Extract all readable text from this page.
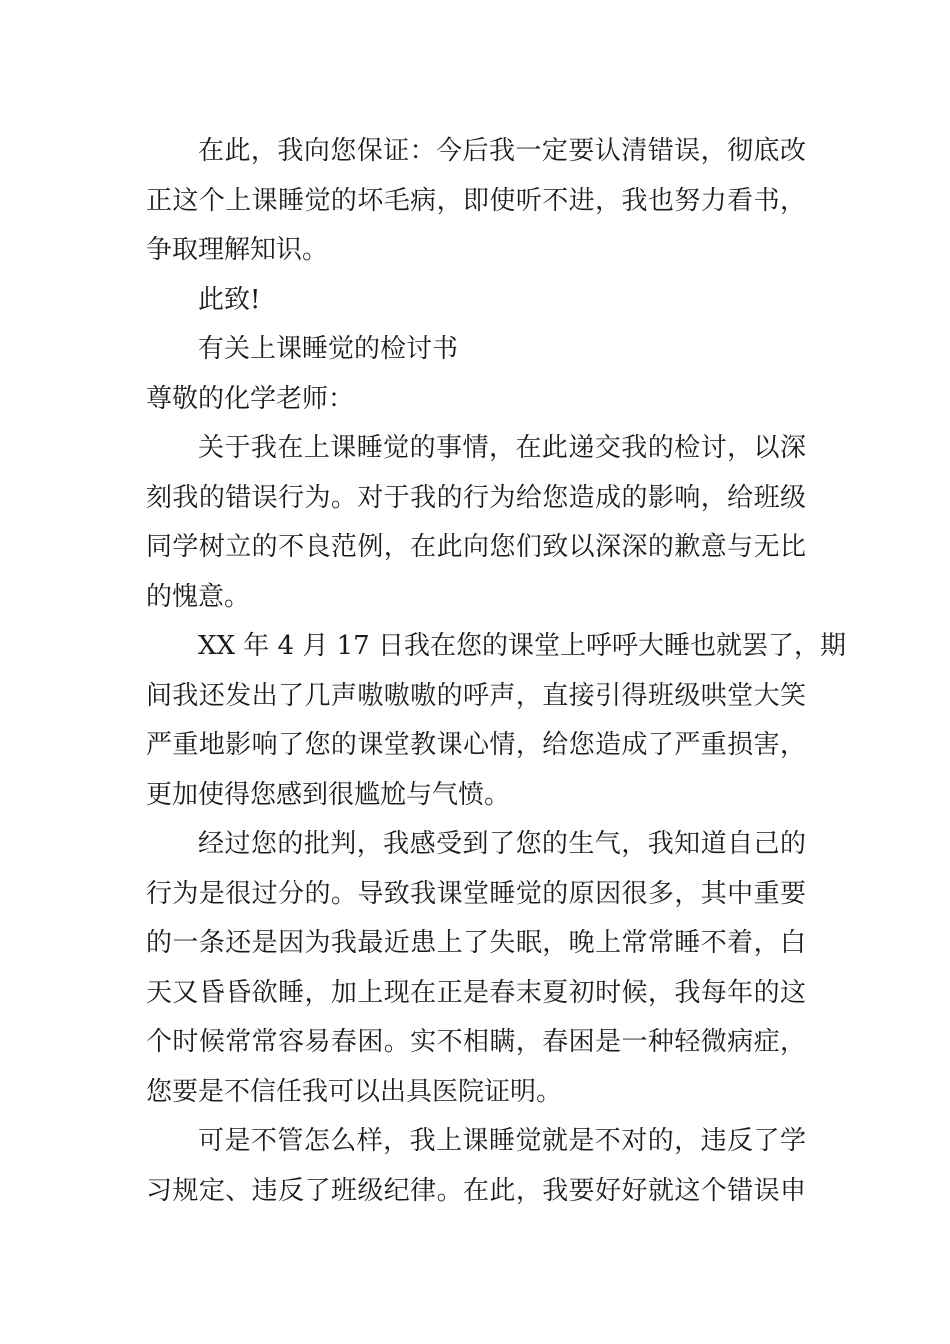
在此，我向您保证：今后我一定要认清错误，彻底改
正这个上课睡觉的坏毛病，即使听不进，我也努力看书，
争取理解知识。
此致!
有关上课睡觉的检讨书
尊敬的化学老师：
关于我在上课睡觉的事情，在此递交我的检讨，以深
刻我的错误行为。对于我的行为给您造成的影响，给班级
同学树立的不良范例，在此向您们致以深深的歉意与无比
的愧意。
XX 年 4 月 17 日我在您的课堂上呼呼大睡也就罢了，期
间我还发出了几声嗷嗷嗷的呼声，直接引得班级哄堂大笑
严重地影响了您的课堂教课心情，给您造成了严重损害，
更加使得您感到很尴尬与气愤。
经过您的批判，我感受到了您的生气，我知道自己的
行为是很过分的。导致我课堂睡觉的原因很多，其中重要
的一条还是因为我最近患上了失眠，晚上常常睡不着，白
天又昏昏欲睡，加上现在正是春末夏初时候，我每年的这
个时候常常容易春困。实不相瞒，春困是一种轻微病症，
您要是不信任我可以出具医院证明。
可是不管怎么样，我上课睡觉就是不对的，违反了学
习规定、违反了班级纪律。在此，我要好好就这个错误申
